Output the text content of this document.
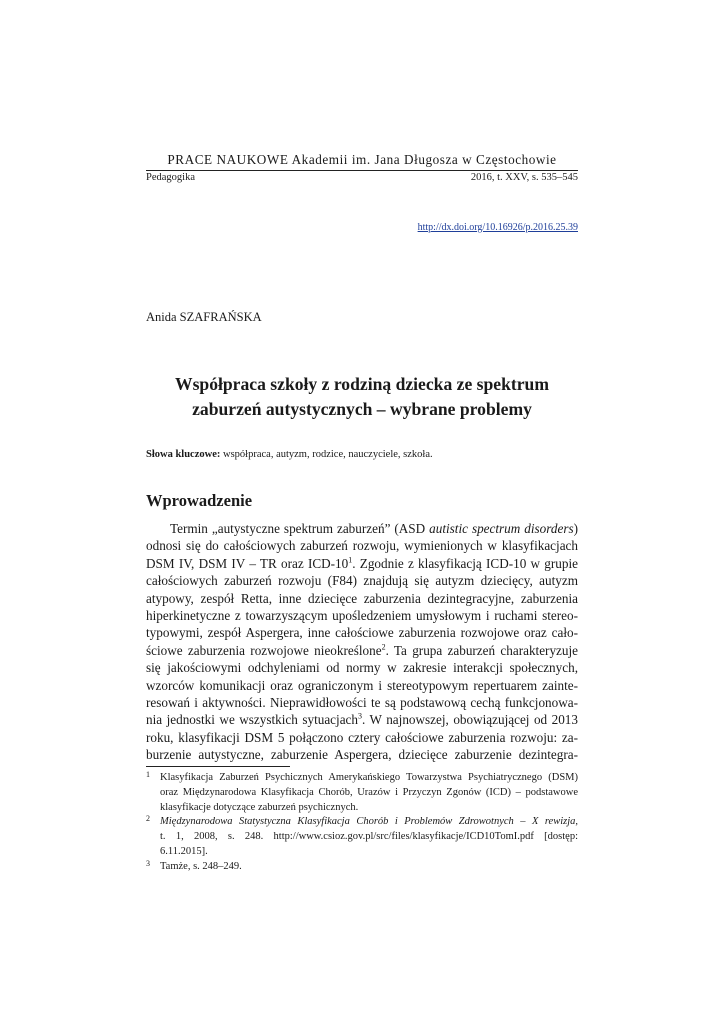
PRACE NAUKOWE Akademii im. Jana Długosza w Częstochowie
Pedagogika	2016, t. XXV, s. 535–545
http://dx.doi.org/10.16926/p.2016.25.39
Anida SZAFRAŃSKA
Współpraca szkoły z rodziną dziecka ze spektrum
zaburzeń autystycznych – wybrane problemy
Słowa kluczowe: współpraca, autyzm, rodzice, nauczyciele, szkoła.
Wprowadzenie
Termin „autystyczne spektrum zaburzeń” (ASD autistic spectrum disorders)
odnosi się do całościowych zaburzeń rozwoju, wymienionych w klasyfikacjach
DSM IV, DSM IV – TR oraz ICD-$10^1$. Zgodnie z klasyfikacją ICD-10 w grupie
całościowych zaburzeń rozwoju (F84) znajdują się autyzm dziecięcy, autyzm
atypowy, zespół Retta, inne dziecięce zaburzenia dezintegracyjne, zaburzenia
hiperkinetyczne z towarzyszącym upośledzeniem umysłowym i ruchami stereo-
typowymi, zespół Aspergera, inne całościowe zaburzenia rozwojowe oraz cało-
ściowe zaburzenia rozwojowe nieokreślone$^2$. Ta grupa zaburzeń charakteryzuje
się jakościowymi odchyleniami od normy w zakresie interakcji społecznych,
wzorców komunikacji oraz ograniczonym i stereotypowym repertuarem zainte-
resowań i aktywności. Nieprawidłowości te są podstawową cechą funkcjonowa-
nia jednostki we wszystkich sytuacjach$^3$. W najnowszej, obowiązującej od 2013
roku, klasyfikacji DSM 5 połączono cztery całościowe zaburzenia rozwoju: za-
burzenie autystyczne, zaburzenie Aspergera, dziecięce zaburzenie dezintegra-
1 Klasyfikacja Zaburzeń Psychicznych Amerykańskiego Towarzystwa Psychiatrycznego (DSM)
oraz Międzynarodowa Klasyfikacja Chorób, Urazów i Przyczyn Zgonów (ICD) – podstawowe
klasyfikacje dotyczące zaburzeń psychicznych.
2 Międzynarodowa Statystyczna Klasyfikacja Chorób i Problemów Zdrowotnych – X rewizja,
t. 1, 2008, s. 248. http://www.csioz.gov.pl/src/files/klasyfikacje/ICD10TomI.pdf [dostęp:
6.11.2015].
3 Tamże, s. 248–249.
